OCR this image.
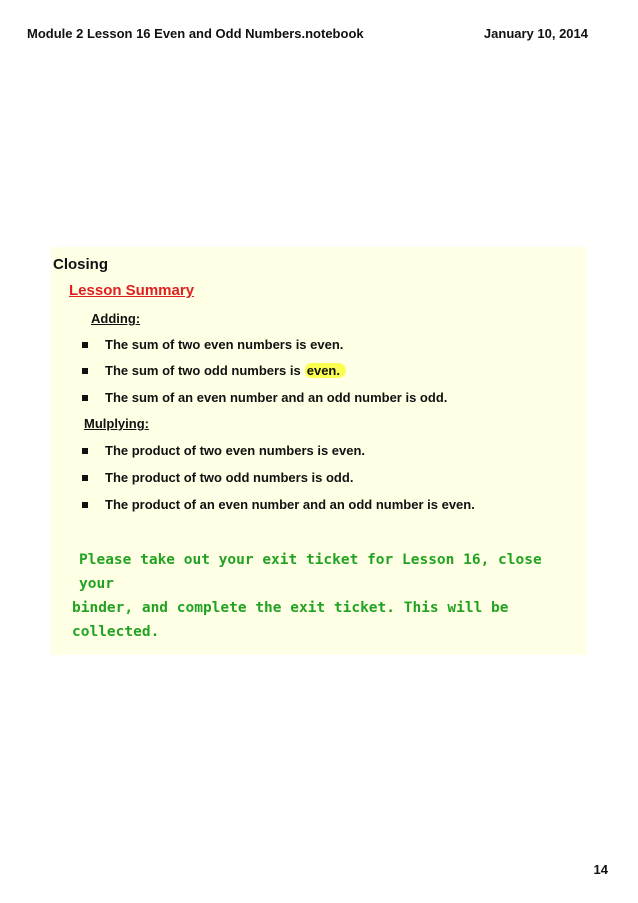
Module 2 Lesson 16 Even and Odd Numbers.notebook	January 10, 2014
Closing
Lesson Summary
Adding:
The sum of two even numbers is even.
The sum of two odd numbers is even.
The sum of an even number and an odd number is odd.
Mulplying:
The product of two even numbers is even.
The product of two odd numbers is odd.
The product of an even number and an odd number is even.
Please take out your exit ticket for Lesson 16, close your
binder, and complete the exit ticket. This will be collected.
14
